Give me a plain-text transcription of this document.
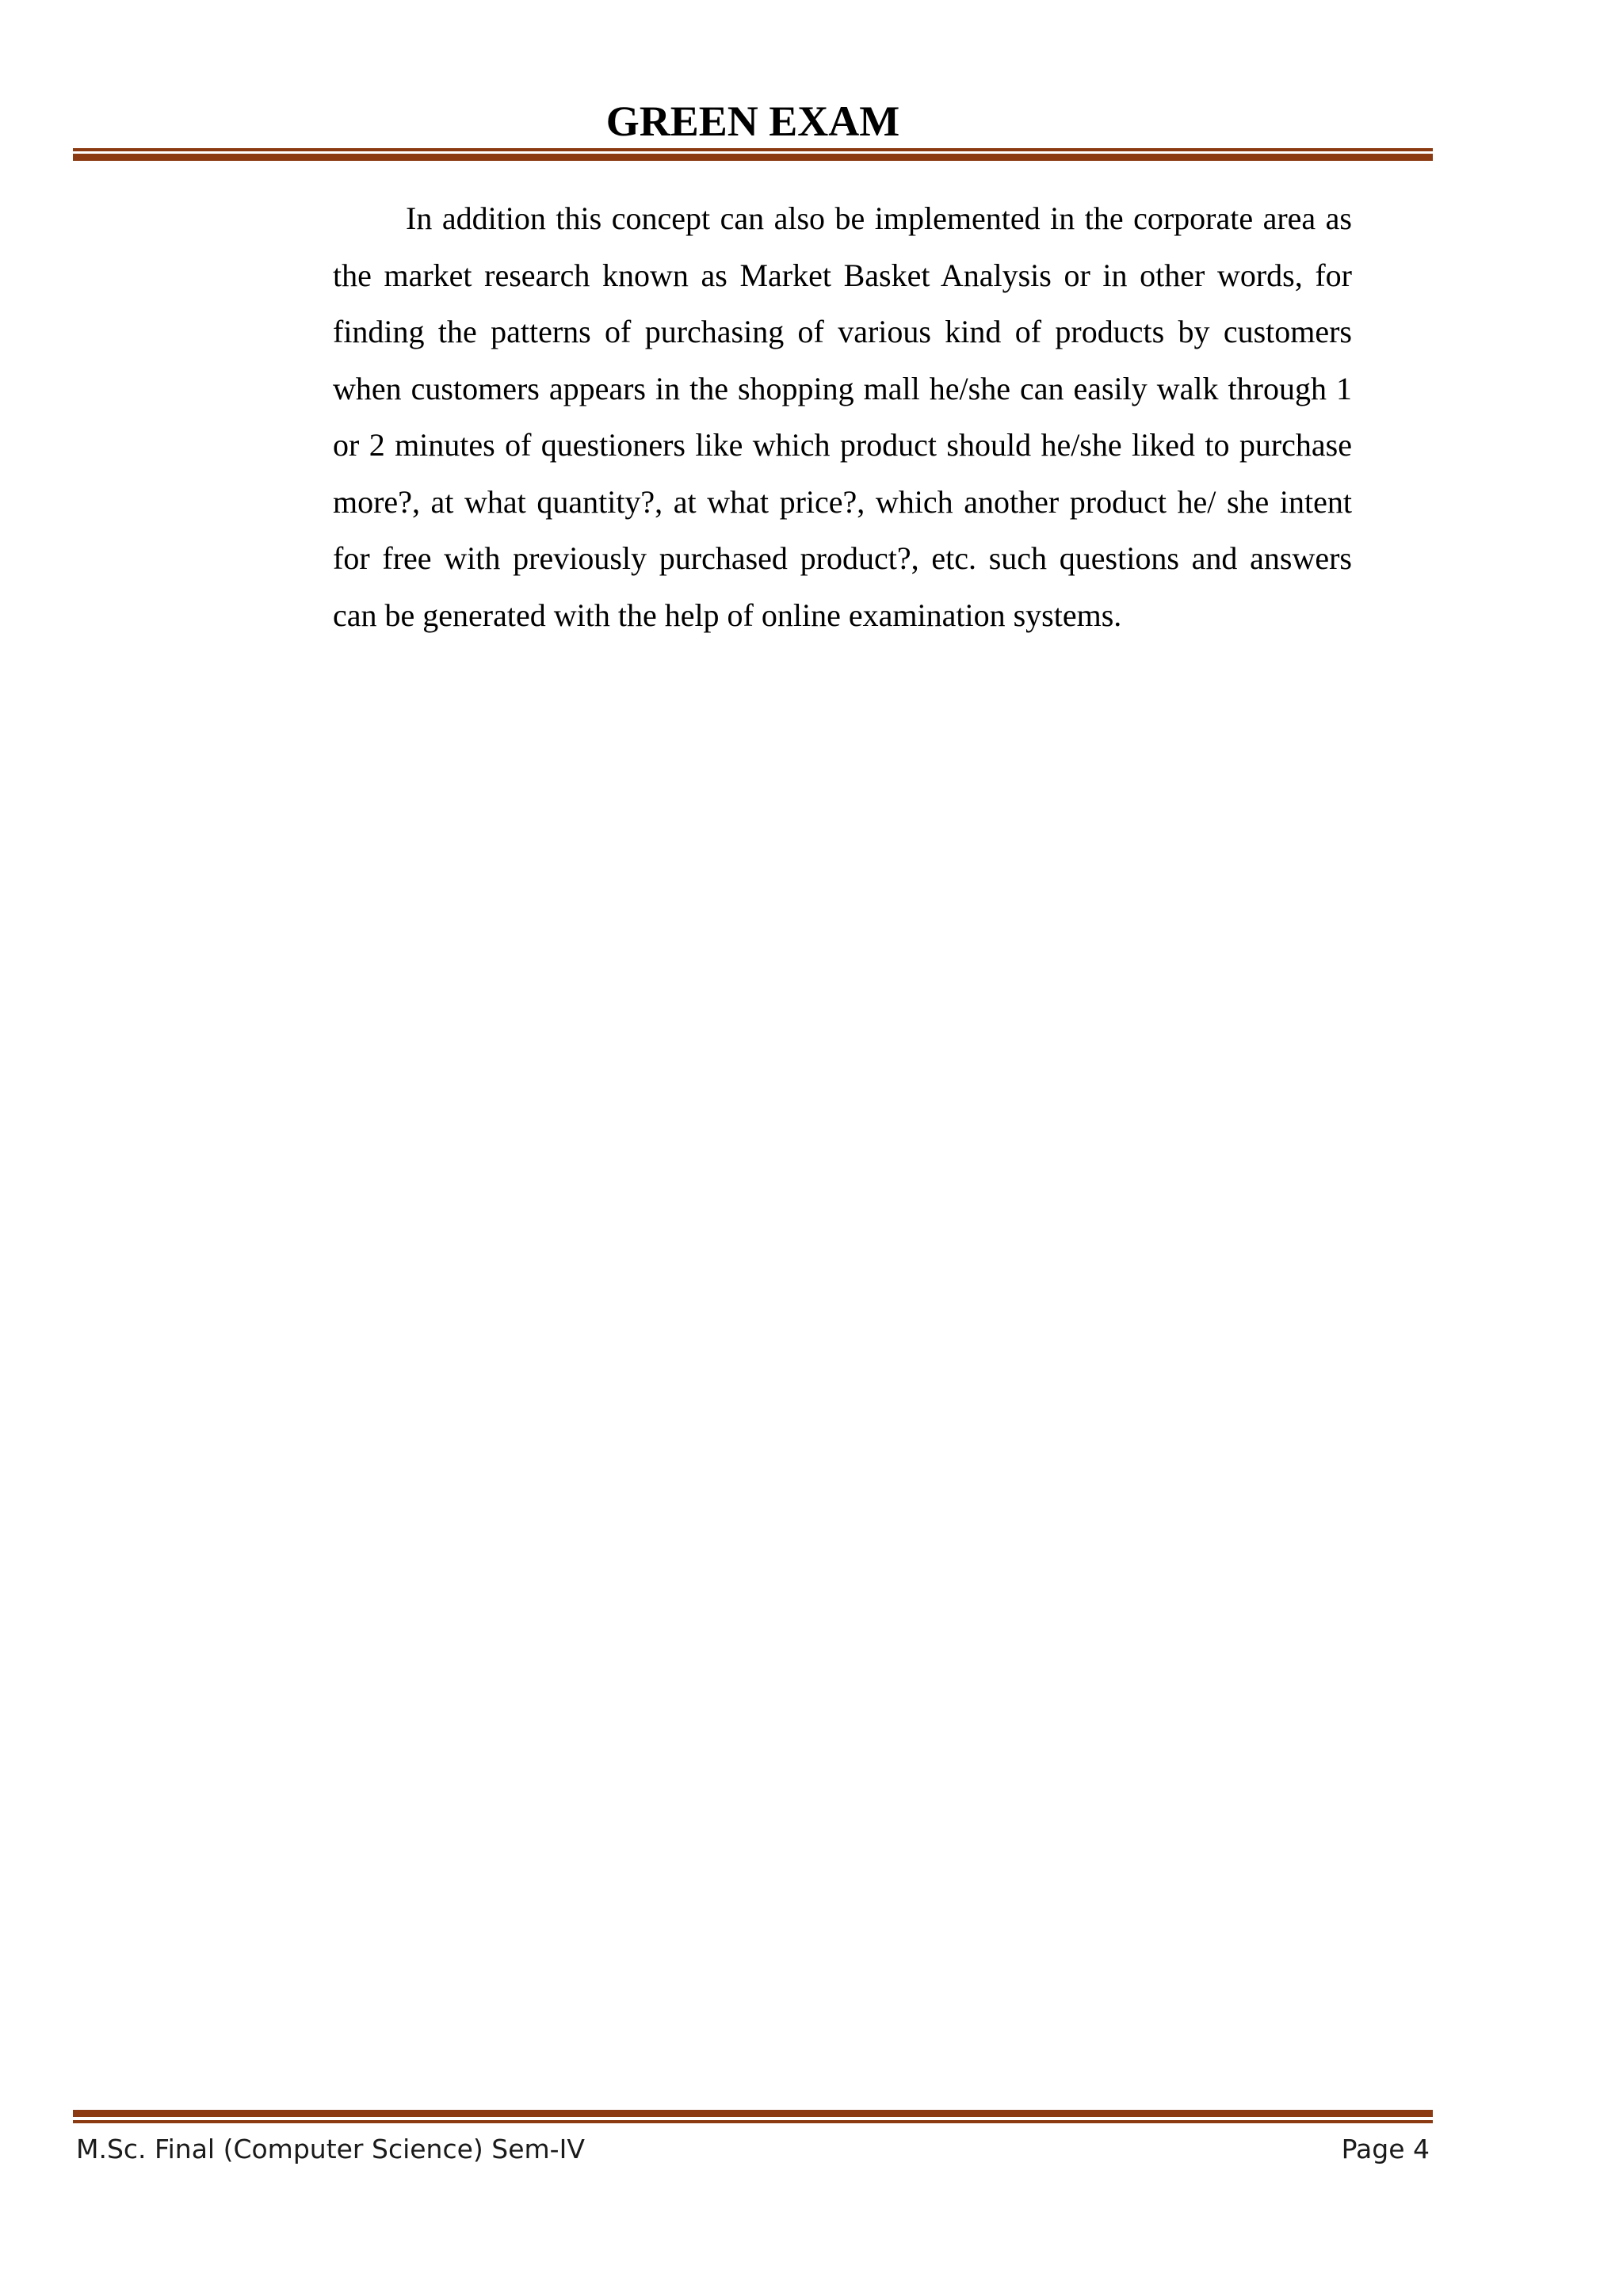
GREEN EXAM

In addition this concept can also be implemented in the corporate area as the market research known as Market Basket Analysis or in other words, for finding the patterns of purchasing of various kind of products by customers when customers appears in the shopping mall he/she can easily walk through 1 or 2 minutes of questioners like which product should he/she liked to purchase more?, at what quantity?, at what price?, which another product he/ she intent for free with previously purchased product?, etc. such questions and answers can be generated with the help of online examination systems.

M.Sc. Final (Computer Science) Sem-IV	Page 4
